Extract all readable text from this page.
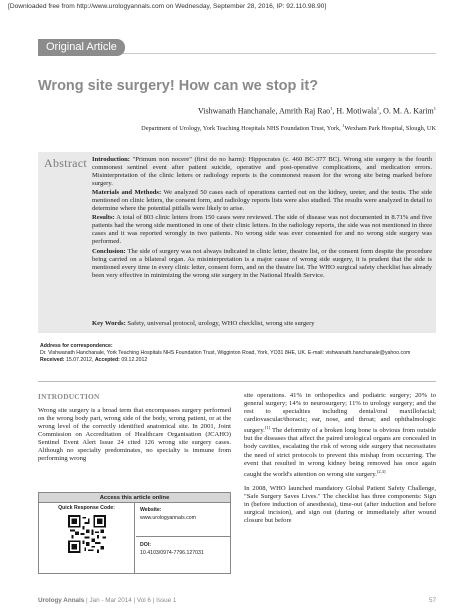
[Downloaded free from http://www.urologyannals.com on Wednesday, September 28, 2016, IP: 92.110.98.90]
Original Article
Wrong site surgery! How can we stop it?
Vishwanath Hanchanale, Amrith Raj Rao$^1$, H. Motiwala$^1$, O. M. A. Karim$^1$
Department of Urology, York Teaching Hospitals NHS Foundation Trust, York, $^1$Wexham Park Hospital, Slough, UK
Abstract Introduction: "Primum non nocere" (first do no harm): Hippocrates (c. 460 BC-377 BC). Wrong site surgery is the fourth commonest sentinel event after patient suicide, operative and post-operative complications, and medication errors. Misinterpretation of the clinic letters or radiology reports is the commonest reason for the wrong site being marked before surgery.

Materials and Methods: We analyzed 50 cases each of operations carried out on the kidney, ureter, and the testis. The side mentioned on clinic letters, the consent form, and radiology reports lists were also studied. The results were analyzed in detail to determine where the potential pitfalls were likely to arise.

Results: A total of 803 clinic letters from 150 cases were reviewed. The side of disease was not documented in 8.71% and five patients had the wrong side mentioned in one of their clinic letters. In the radiology reports, the side was not mentioned in three cases and it was reported wrongly in two patients. No wrong side was ever consented for and no wrong side surgery was performed.

Conclusion: The side of surgery was not always indicated in clinic letter, theatre list, or the consent form despite the procedure being carried on a bilateral organ. As misinterpretation is a major cause of wrong side surgery, it is prudent that the side is mentioned every time in every clinic letter, consent form, and on the theatre list. The WHO surgical safety checklist has already been very effective in minimizing the wrong site surgery in the National Health Service.

Key Words: Safety, universal protocol, urology, WHO checklist, wrong site surgery
Address for correspondence:
Dr. Vishwanath Hanchanale, York Teaching Hospitals NHS Foundation Trust, Wigginton Road, York, YO31 8HE, UK. E-mail: vishwanath.hanchanale@yahoo.com
Received: 15.07.2012, Accepted: 09.12.2012
INTRODUCTION
Wrong site surgery is a broad term that encompasses surgery performed on the wrong body part, wrong side of the body, wrong patient, or at the wrong level of the correctly identified anatomical site. In 2001, Joint Commission on Accreditation of Healthcare Organisation (JCAHO) Sentinel Event Alert Issue 24 cited 126 wrong site surgery cases. Although no specialty predominates, no specialty is immune from performing wrong
Access this article online
Quick Response Code:	Website:
www.urologyannals.com
DOI:
10.4103/0974-7796.127031
site operations. 41% in orthopedics and podiatric surgery; 20% to general surgery; 14% to neurosurgery; 11% to urology surgery; and the rest to specialties including dental/oral maxillofacial; cardiovascular/thoracic; ear, nose, and throat; and ophthalmologic surgery.[1] The deformity of a broken long bone is obvious from outside but the diseases that affect the paired urological organs are concealed in body cavities, escalating the risk of wrong side surgery that necessitates the need of strict protocols to prevent this mishap from occurring. The event that resulted in wrong kidney being removed has once again caught the world's attention on wrong site surgery.[2,3]
In 2008, WHO launched mandatory Global Patient Safety Challenge, "Safe Surgery Saves Lives." The checklist has three components: Sign in (before induction of anesthesia), time-out (after induction and before surgical incision), and sign out (during or immediately after wound closure but before
Urology Annals | Jan - Mar 2014 | Vol 6 | Issue 1	57
